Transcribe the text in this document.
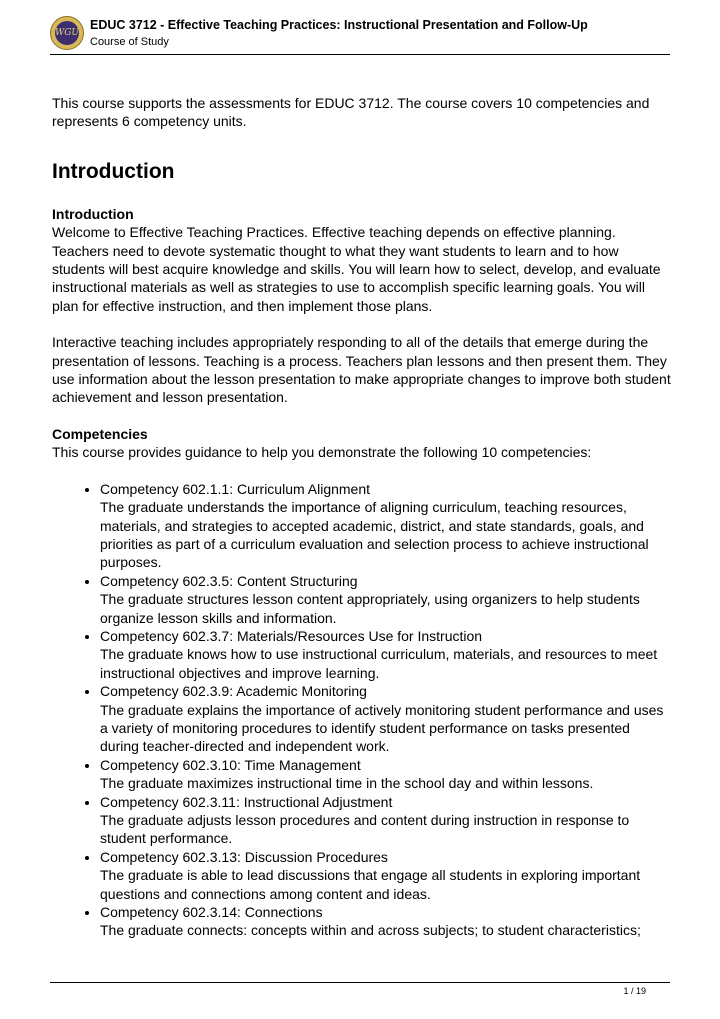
WGU
EDUC 3712 - Effective Teaching Practices: Instructional Presentation and Follow-Up
Course of Study

This course supports the assessments for EDUC 3712. The course covers 10 competencies and represents 6 competency units.

Introduction

Introduction

Welcome to Effective Teaching Practices. Effective teaching depends on effective planning. Teachers need to devote systematic thought to what they want students to learn and to how students will best acquire knowledge and skills. You will learn how to select, develop, and evaluate instructional materials as well as strategies to use to accomplish specific learning goals. You will plan for effective instruction, and then implement those plans.

Interactive teaching includes appropriately responding to all of the details that emerge during the presentation of lessons. Teaching is a process. Teachers plan lessons and then present them. They use information about the lesson presentation to make appropriate changes to improve both student achievement and lesson presentation.

Competencies

This course provides guidance to help you demonstrate the following 10 competencies:

• Competency 602.1.1: Curriculum Alignment
The graduate understands the importance of aligning curriculum, teaching resources, materials, and strategies to accepted academic, district, and state standards, goals, and priorities as part of a curriculum evaluation and selection process to achieve instructional purposes.
• Competency 602.3.5: Content Structuring
The graduate structures lesson content appropriately, using organizers to help students organize lesson skills and information.
• Competency 602.3.7: Materials/Resources Use for Instruction
The graduate knows how to use instructional curriculum, materials, and resources to meet instructional objectives and improve learning.
• Competency 602.3.9: Academic Monitoring
The graduate explains the importance of actively monitoring student performance and uses a variety of monitoring procedures to identify student performance on tasks presented during teacher-directed and independent work.
• Competency 602.3.10: Time Management
The graduate maximizes instructional time in the school day and within lessons.
• Competency 602.3.11: Instructional Adjustment
The graduate adjusts lesson procedures and content during instruction in response to student performance.
• Competency 602.3.13: Discussion Procedures
The graduate is able to lead discussions that engage all students in exploring important questions and connections among content and ideas.
• Competency 602.3.14: Connections
The graduate connects: concepts within and across subjects; to student characteristics;
1 / 19
